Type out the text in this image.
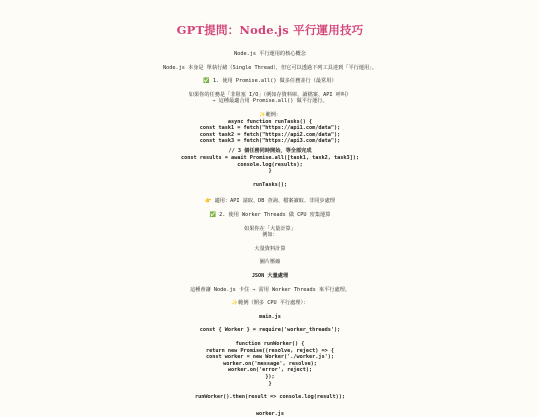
GPT提問：Node.js 平行運用技巧
Node.js 平行運用的核心概念
Node.js 本身是 單執行緒（Single Thread），但它可以透過下列工具達到「平行運用」。
✅ 1. 使用 Promise.all() 做多任務並行（最常用）
如果你的任務是「非阻塞 I/O」（例如存資料庫、讀檔案、API 呼叫）
→ 這種最適合用 Promise.all() 做平行運行。
✨範例：
async function runTasks() {
const task1 = fetch("https://api1.com/data");
const task2 = fetch("https://api2.com/data");
const task3 = fetch("https://api3.com/data");
// 3 個任務同時開始，等全部完成
const results = await Promise.all([task1, task2, task3]);
console.log(results);
}
runTasks();
👉 適用：API 請取、DB 查詢、檔案讀取、非同步處理
✅ 2. 使用 Worker Threads 做 CPU 密集運算
如果你在「大量計算」
例如：
大量資料計算
圖片壓縮
JSON 大量處理
這種會讓 Node.js 卡住 → 需用 Worker Threads 來平行處理。
✨範例（開多 CPU 平行處理）：
main.js
const { Worker } = require('worker_threads');
function runWorker() {
return new Promise((resolve, reject) => {
const worker = new Worker('./worker.js');
worker.on('message', resolve);
worker.on('error', reject);
});
}
runWorker().then(result => console.log(result));
worker.js
